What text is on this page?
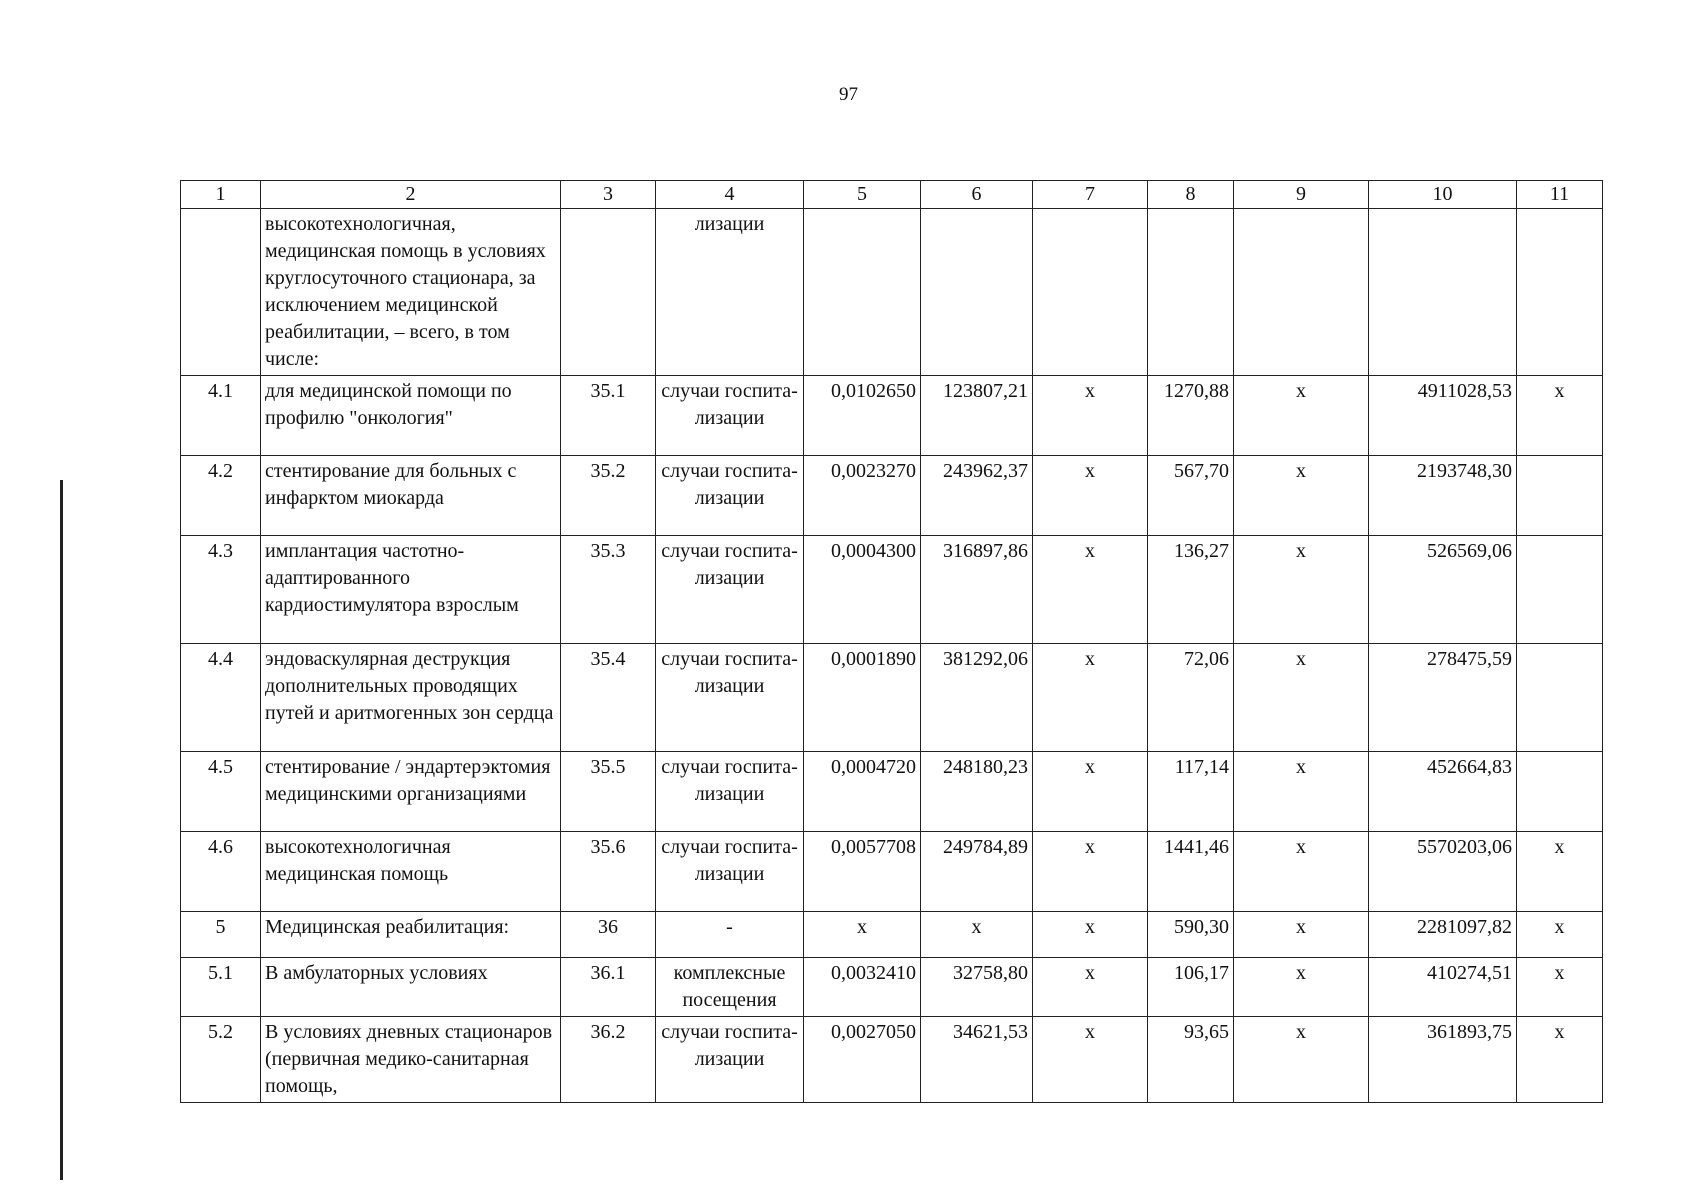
97
1	2	3	4	5	6	7	8	9	10	11
	высокотехнологичная, медицинская помощь в условиях круглосуточного стационара, за исключением медицинской реабилитации, – всего, в том числе:		лизации							
4.1	для медицинской помощи по профилю "онкология"	35.1	случаи госпита-лизации	0,0102650	123807,21	х	1270,88	х	4911028,53	х
4.2	стентирование для больных с инфарктом миокарда	35.2	случаи госпита-лизации	0,0023270	243962,37	х	567,70	х	2193748,30	
4.3	имплантация частотно-адаптированного кардиостимулятора взрослым	35.3	случаи госпита-лизации	0,0004300	316897,86	х	136,27	х	526569,06	
4.4	эндоваскулярная деструкция дополнительных проводящих путей и аритмогенных зон сердца	35.4	случаи госпита-лизации	0,0001890	381292,06	х	72,06	х	278475,59	
4.5	стентирование / эндартерэктомия медицинскими организациями	35.5	случаи госпита-лизации	0,0004720	248180,23	х	117,14	х	452664,83	
4.6	высокотехнологичная медицинская помощь	35.6	случаи госпита-лизации	0,0057708	249784,89	х	1441,46	х	5570203,06	х
5	Медицинская реабилитация:	36	-	х	х	х	590,30	х	2281097,82	х
5.1	В амбулаторных условиях	36.1	комплексные посещения	0,0032410	32758,80	х	106,17	х	410274,51	х
5.2	В условиях дневных стационаров (первичная медико-санитарная помощь,	36.2	случаи госпита-лизации	0,0027050	34621,53	х	93,65	х	361893,75	х
